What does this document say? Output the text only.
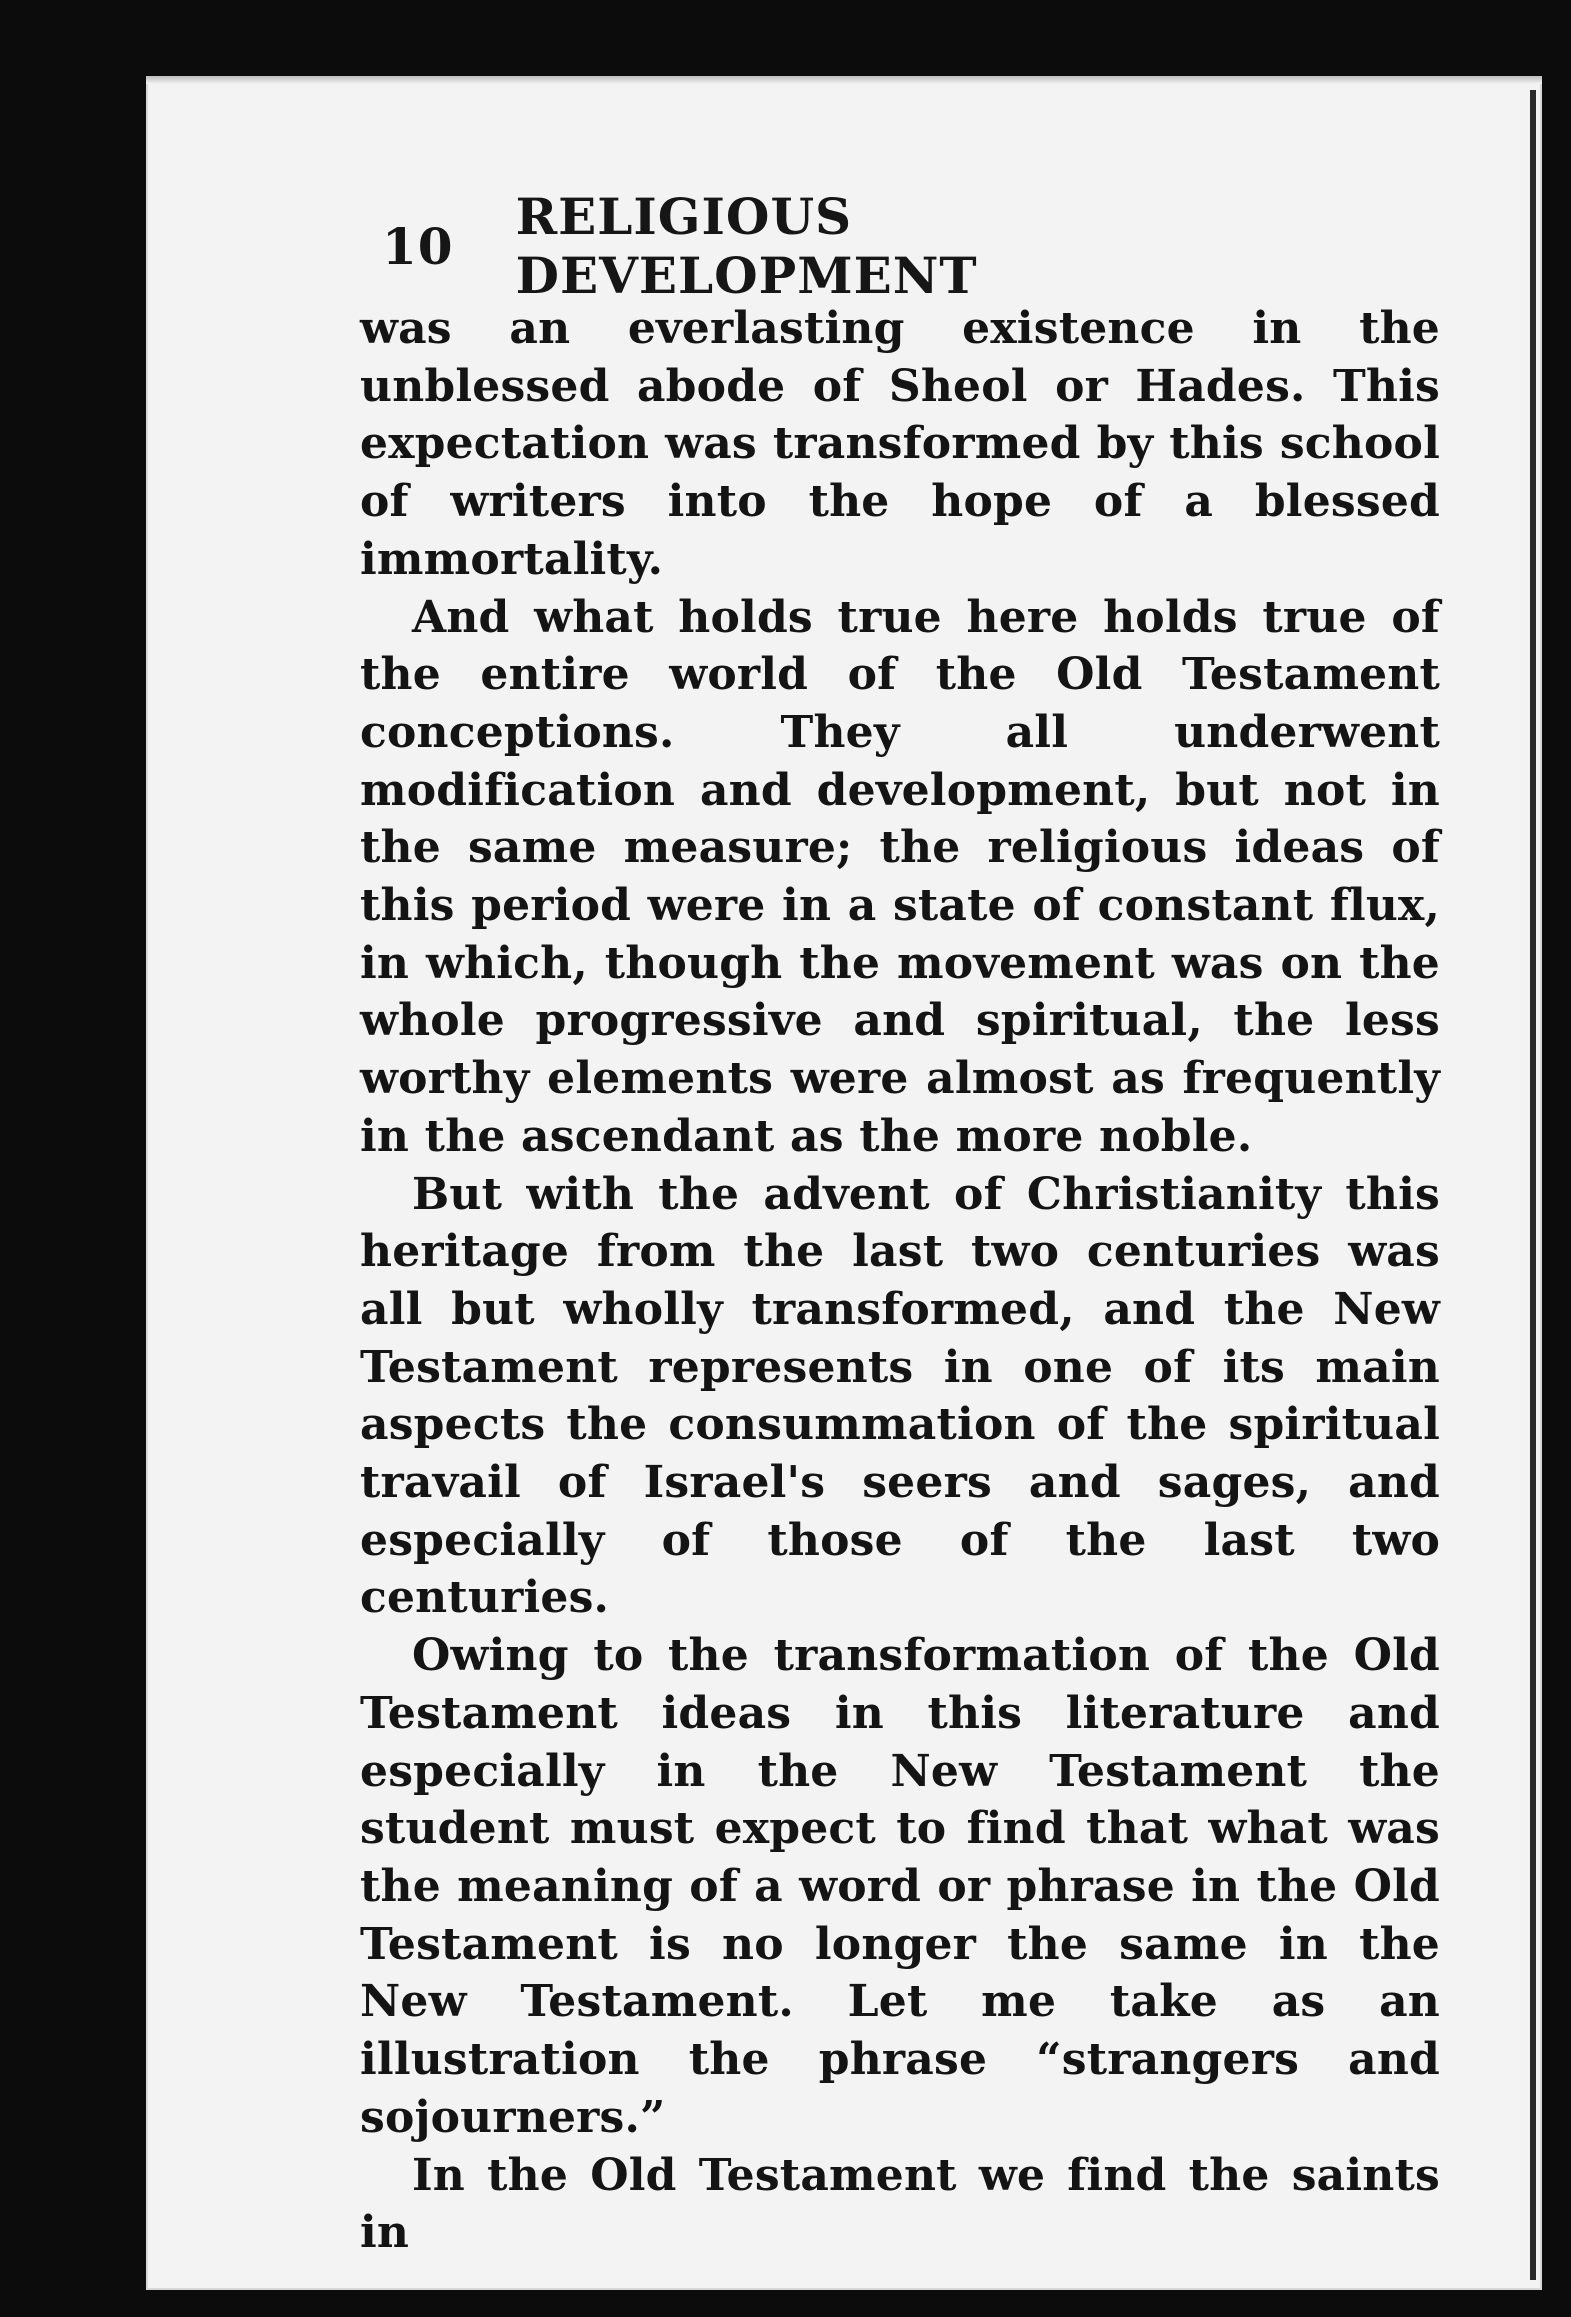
10 RELIGIOUS DEVELOPMENT

was an everlasting existence in the unblessed abode of Sheol or Hades. This expectation was transformed by this school of writers into the hope of a blessed immortality.

And what holds true here holds true of the entire world of the Old Testament conceptions. They all underwent modification and development, but not in the same measure; the religious ideas of this period were in a state of constant flux, in which, though the movement was on the whole progressive and spiritual, the less worthy elements were almost as frequently in the ascendant as the more noble.

But with the advent of Christianity this heritage from the last two centuries was all but wholly transformed, and the New Testament represents in one of its main aspects the consummation of the spiritual travail of Israel's seers and sages, and especially of those of the last two centuries.

Owing to the transformation of the Old Testament ideas in this literature and especially in the New Testament the student must expect to find that what was the meaning of a word or phrase in the Old Testament is no longer the same in the New Testament. Let me take as an illustration the phrase “strangers and sojourners.”

In the Old Testament we find the saints in
